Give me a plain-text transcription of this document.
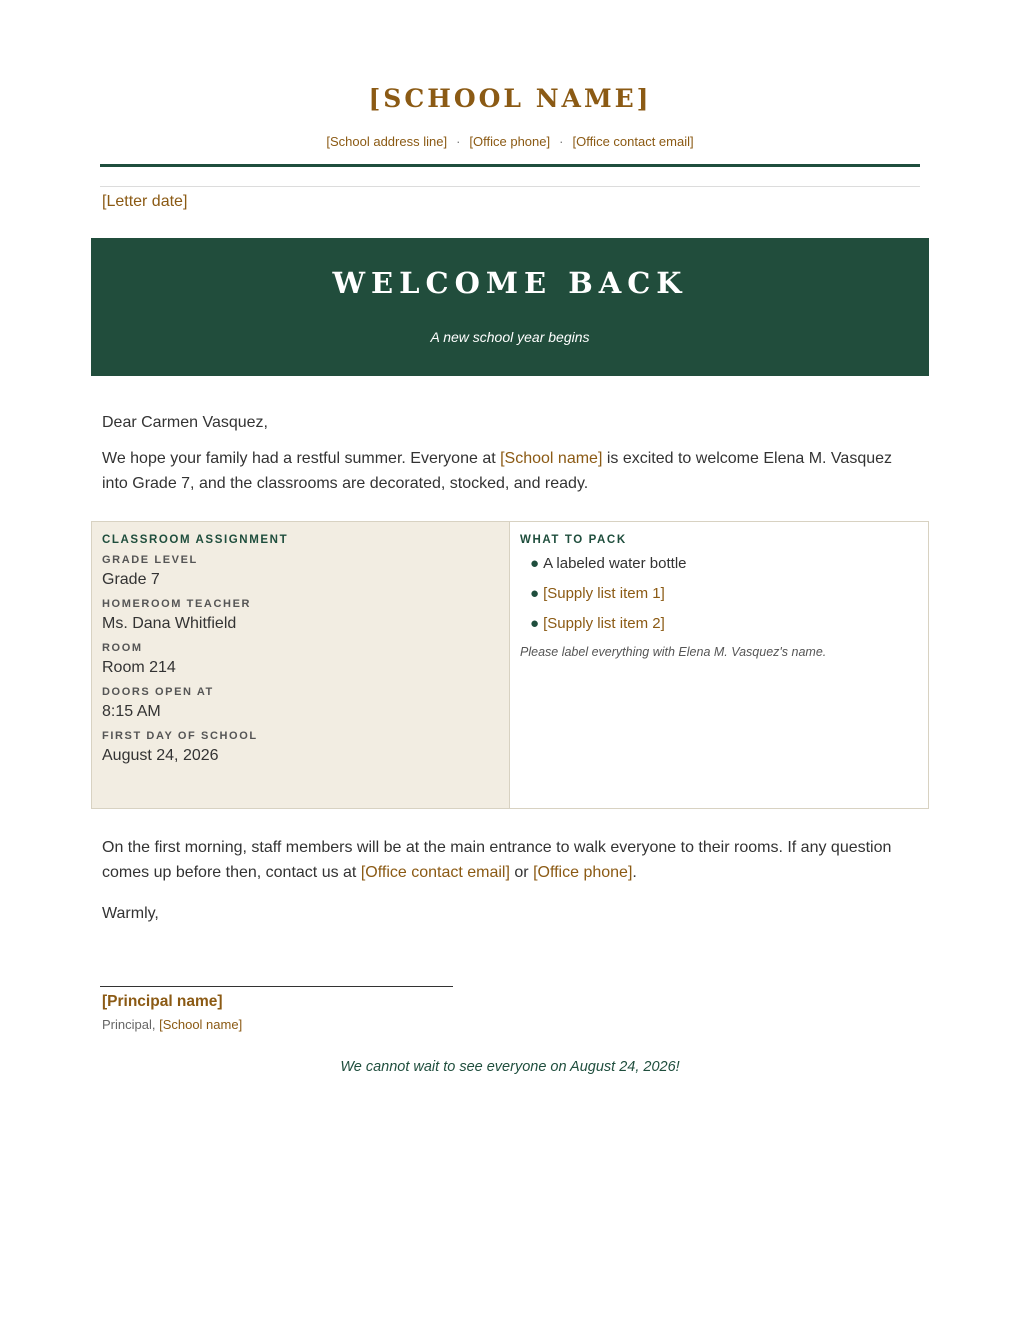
[SCHOOL NAME]
[School address line] · [Office phone] · [Office contact email]
[Letter date]
WELCOME BACK
A new school year begins
Dear Carmen Vasquez,
We hope your family had a restful summer. Everyone at [School name] is excited to welcome Elena M. Vasquez into Grade 7, and the classrooms are decorated, stocked, and ready.
CLASSROOM ASSIGNMENT
GRADE LEVEL
Grade 7
HOMEROOM TEACHER
Ms. Dana Whitfield
ROOM
Room 214
DOORS OPEN AT
8:15 AM
FIRST DAY OF SCHOOL
August 24, 2026
WHAT TO PACK
● A labeled water bottle
● [Supply list item 1]
● [Supply list item 2]
Please label everything with Elena M. Vasquez's name.
On the first morning, staff members will be at the main entrance to walk everyone to their rooms. If any question comes up before then, contact us at [Office contact email] or [Office phone].
Warmly,
[Principal name]
Principal, [School name]
We cannot wait to see everyone on August 24, 2026!
